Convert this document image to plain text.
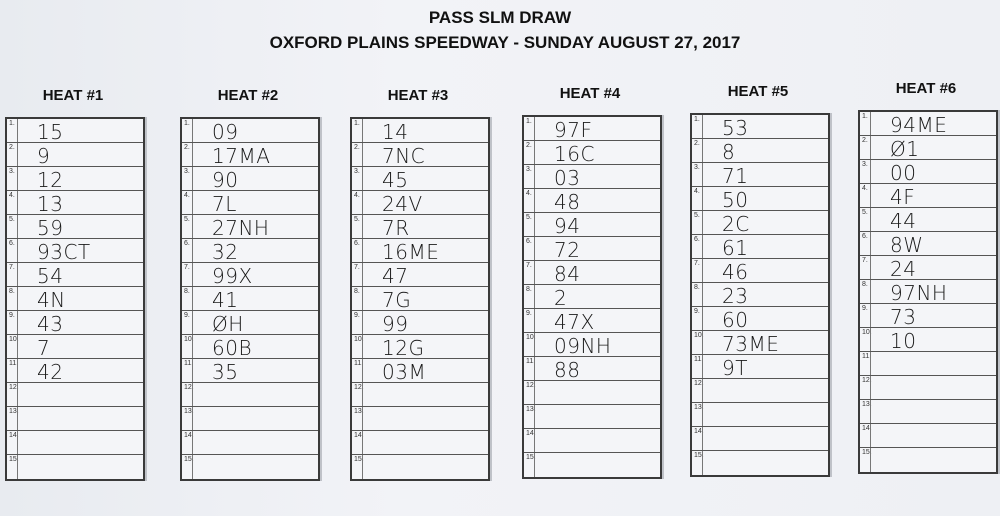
PASS SLM DRAW
OXFORD PLAINS SPEEDWAY - SUNDAY AUGUST 27, 2017
HEAT #1
1 . 15
2 . 9
3 . 12
4 . 13
5 . 59
6 . 93CT
7 . 54
8 . 4N
9 . 43
10 . 7
11 . 42
12 .
13 .
14 .
15 .
HEAT #2
1 . 09
2 . 17MA
3 . 90
4 . 7L
5 . 27NH
6 . 32
7 . 99X
8 . 41
9 . ØH
10 . 60B
11 . 35
12 .
13 .
14 .
15 .
HEAT #3
1 . 14
2 . 7NC
3 . 45
4 . 24V
5 . 7R
6 . 16ME
7 . 47
8 . 7G
9 . 99
10 . 12G
11 . 03M
12 .
13 .
14 .
15 .
HEAT #4
1 . 97F
2 . 16C
3 . 03
4 . 48
5 . 94
6 . 72
7 . 84
8 . 2
9 . 47X
10 . 09NH
11 . 88
12 .
13 .
14 .
15 .
HEAT #5
1 . 53
2 . 8
3 . 71
4 . 50
5 . 2C
6 . 61
7 . 46
8 . 23
9 . 60
10 . 73ME
11 . 9T
12 .
13 .
14 .
15 .
HEAT #6
1 . 94ME
2 . Ø1
3 . 00
4 . 4F
5 . 44
6 . 8W
7 . 24
8 . 97NH
9 . 73
10 . 10
11 .
12 .
13 .
14 .
15 .
